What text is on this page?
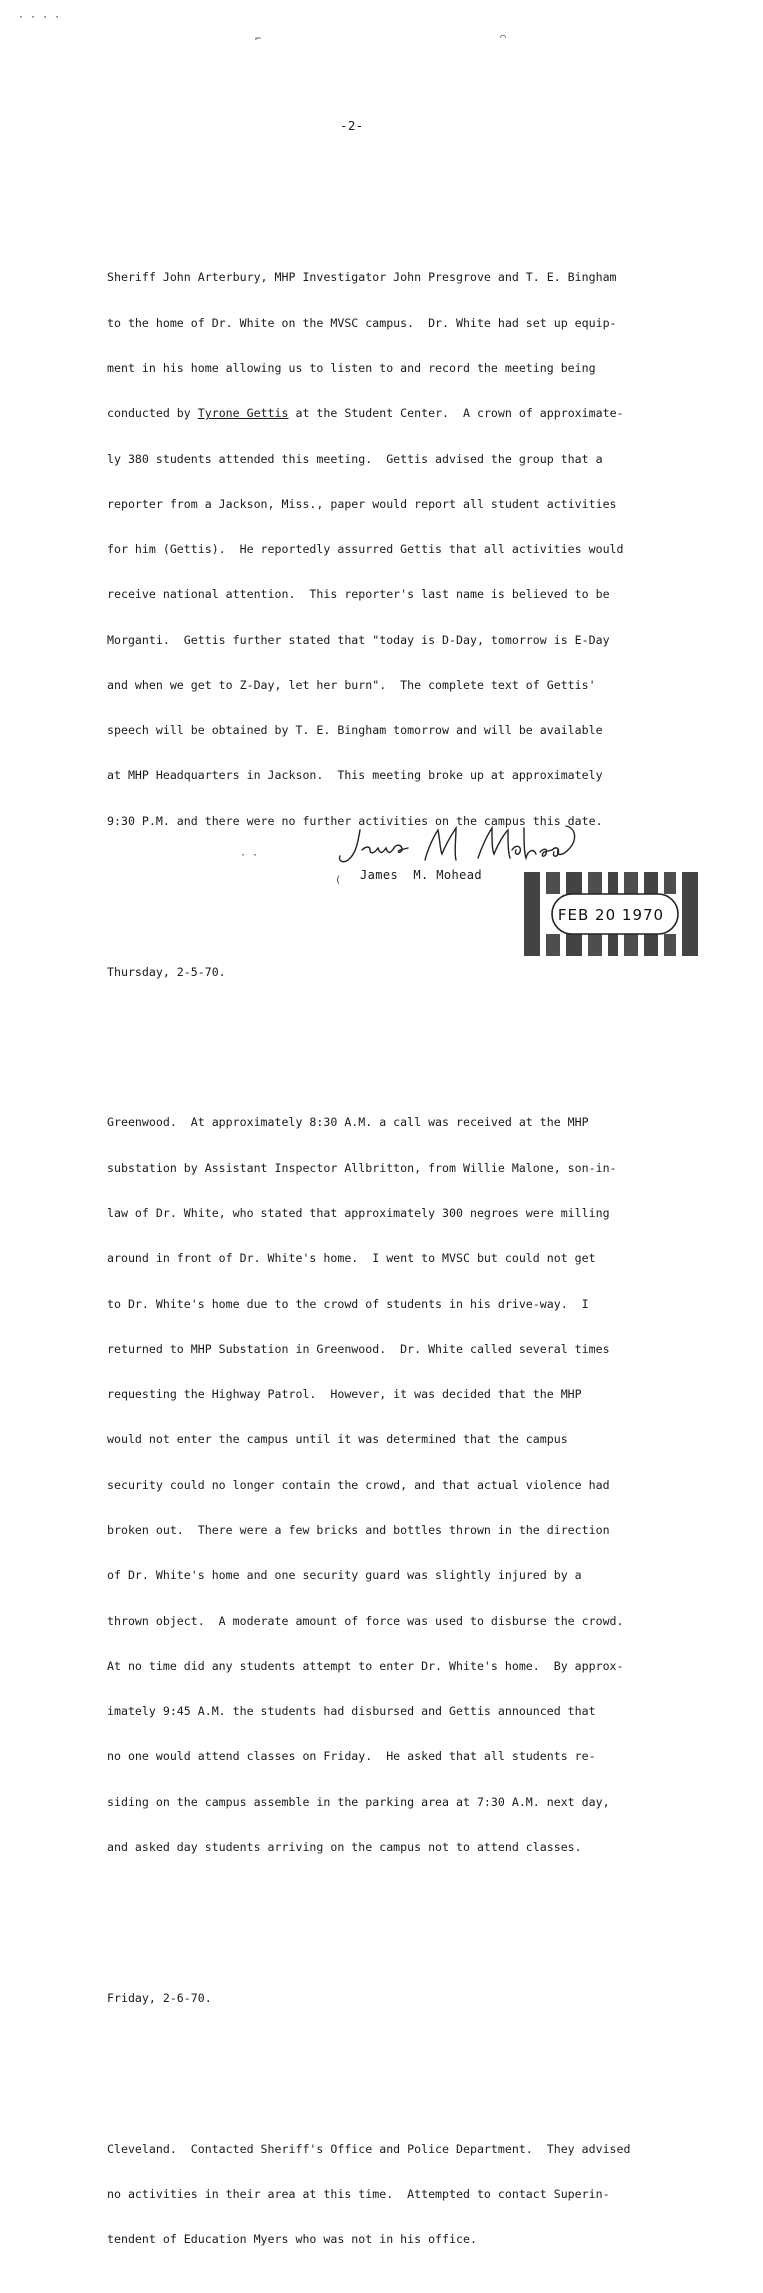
· · · ·
⌐	⌒
· ·
(
-2-

Sheriff John Arterbury, MHP Investigator John Presgrove and T. E. Bingham

to the home of Dr. White on the MVSC campus.  Dr. White had set up equip-

ment in his home allowing us to listen to and record the meeting being

conducted by Tyrone Gettis at the Student Center.  A crown of approximate-

ly 380 students attended this meeting.  Gettis advised the group that a

reporter from a Jackson, Miss., paper would report all student activities

for him (Gettis).  He reportedly assurred Gettis that all activities would

receive national attention.  This reporter's last name is believed to be

Morganti.  Gettis further stated that "today is D-Day, tomorrow is E-Day

and when we get to Z-Day, let her burn".  The complete text of Gettis'

speech will be obtained by T. E. Bingham tomorrow and will be available

at MHP Headquarters in Jackson.  This meeting broke up at approximately

9:30 P.M. and there were no further activities on the campus this date.

Thursday, 2-5-70.

Greenwood.  At approximately 8:30 A.M. a call was received at the MHP

substation by Assistant Inspector Allbritton, from Willie Malone, son-in-

law of Dr. White, who stated that approximately 300 negroes were milling

around in front of Dr. White's home.  I went to MVSC but could not get

to Dr. White's home due to the crowd of students in his drive-way.  I

returned to MHP Substation in Greenwood.  Dr. White called several times

requesting the Highway Patrol.  However, it was decided that the MHP

would not enter the campus until it was determined that the campus

security could no longer contain the crowd, and that actual violence had

broken out.  There were a few bricks and bottles thrown in the direction

of Dr. White's home and one security guard was slightly injured by a

thrown object.  A moderate amount of force was used to disburse the crowd.

At no time did any students attempt to enter Dr. White's home.  By approx-

imately 9:45 A.M. the students had disbursed and Gettis announced that

no one would attend classes on Friday.  He asked that all students re-

siding on the campus assemble in the parking area at 7:30 A.M. next day,

and asked day students arriving on the campus not to attend classes.

Friday, 2-6-70.

Cleveland.  Contacted Sheriff's Office and Police Department.  They advised

no activities in their area at this time.  Attempted to contact Superin-

tendent of Education Myers who was not in his office.

James  M. Mohead
FEB 20 1970
